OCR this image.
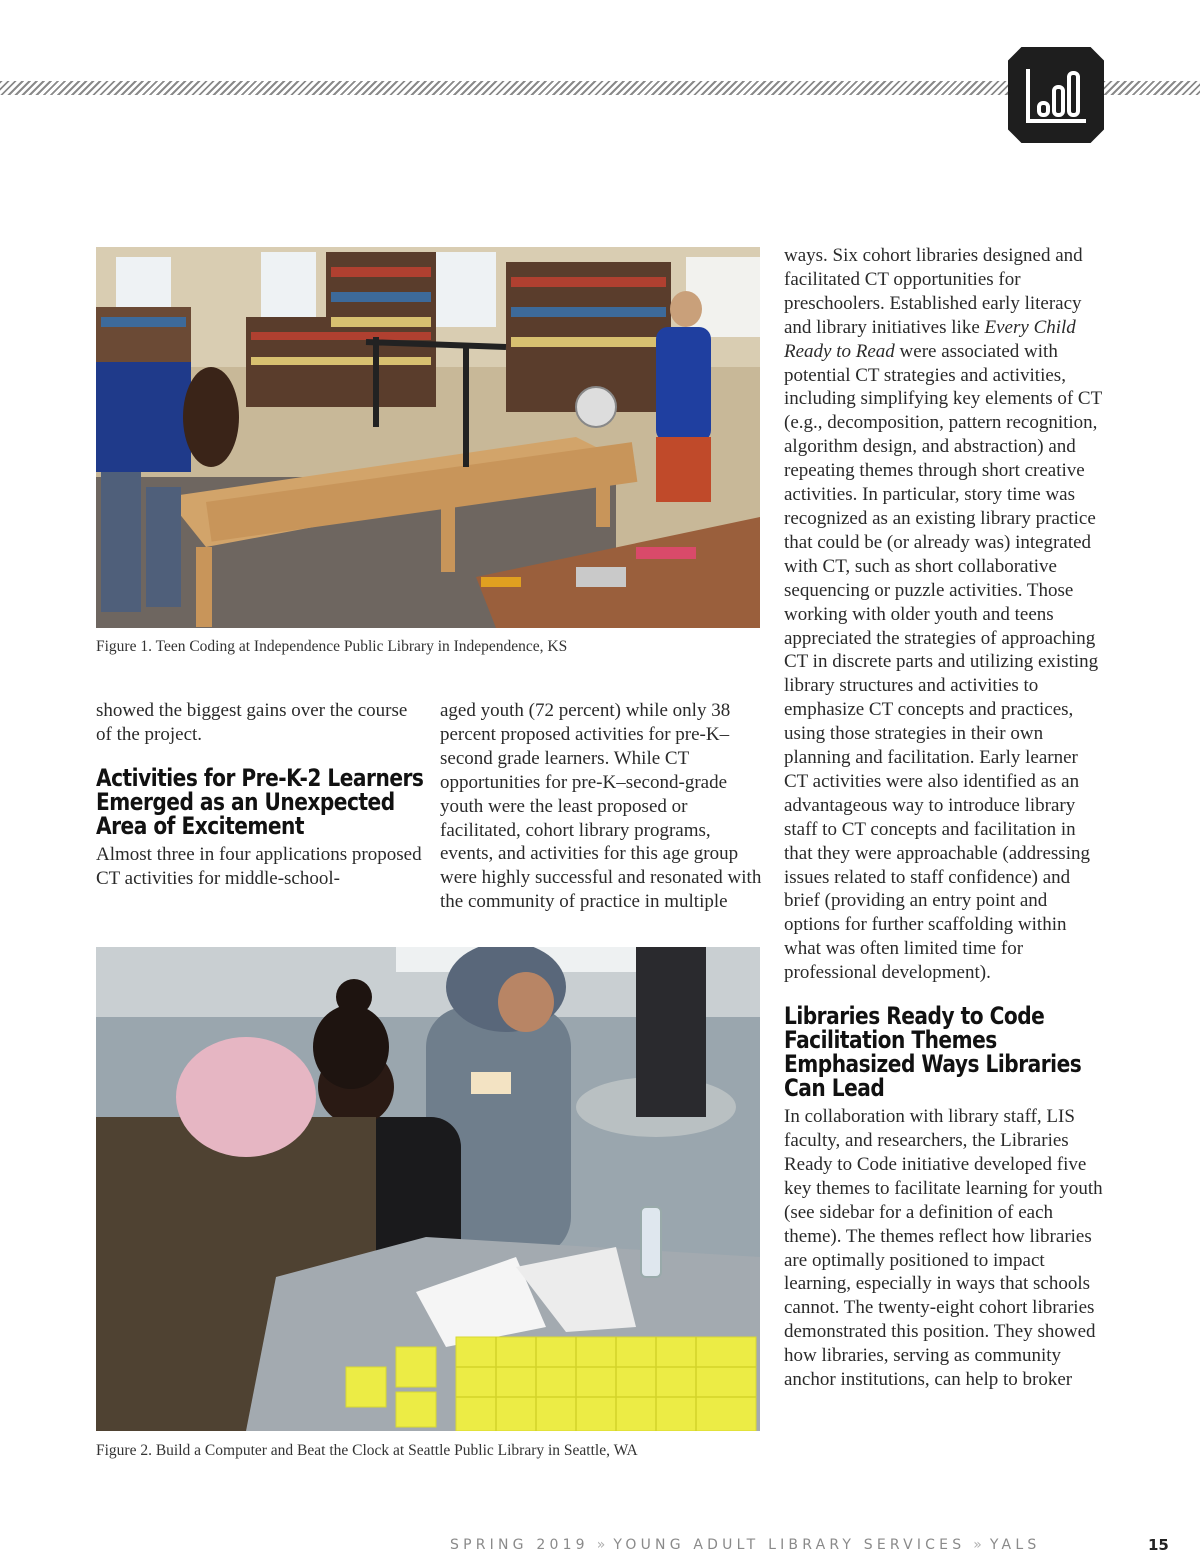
Figure 1. Teen Coding at Independence Public Library in Independence, KS

showed the biggest gains over the course of the project.

Activities for Pre-K-2 Learners Emerged as an Unexpected Area of Excitement

Almost three in four applications proposed CT activities for middle-school-

aged youth (72 percent) while only 38 percent proposed activities for pre-K–second grade learners. While CT opportunities for pre-K–second-grade youth were the least proposed or facilitated, cohort library programs, events, and activities for this age group were highly successful and resonated with the community of practice in multiple

Figure 2. Build a Computer and Beat the Clock at Seattle Public Library in Seattle, WA

ways. Six cohort libraries designed and facilitated CT opportunities for preschoolers. Established early literacy and library initiatives like Every Child Ready to Read were associated with potential CT strategies and activities, including simplifying key elements of CT (e.g., decomposition, pattern recognition, algorithm design, and abstraction) and repeating themes through short creative activities. In particular, story time was recognized as an existing library practice that could be (or already was) integrated with CT, such as short collaborative sequencing or puzzle activities. Those working with older youth and teens appreciated the strategies of approaching CT in discrete parts and utilizing existing library structures and activities to emphasize CT concepts and practices, using those strategies in their own planning and facilitation. Early learner CT activities were also identified as an advantageous way to introduce library staff to CT concepts and facilitation in that they were approachable (addressing issues related to staff confidence) and brief (providing an entry point and options for further scaffolding within what was often limited time for professional development).

Libraries Ready to Code Facilitation Themes Emphasized Ways Libraries Can Lead

In collaboration with library staff, LIS faculty, and researchers, the Libraries Ready to Code initiative developed five key themes to facilitate learning for youth (see sidebar for a definition of each theme). The themes reflect how libraries are optimally positioned to impact learning, especially in ways that schools cannot. The twenty-eight cohort libraries demonstrated this position. They showed how libraries, serving as community anchor institutions, can help to broker

SPRING 2019 » YOUNG ADULT LIBRARY SERVICES » YALS	15
